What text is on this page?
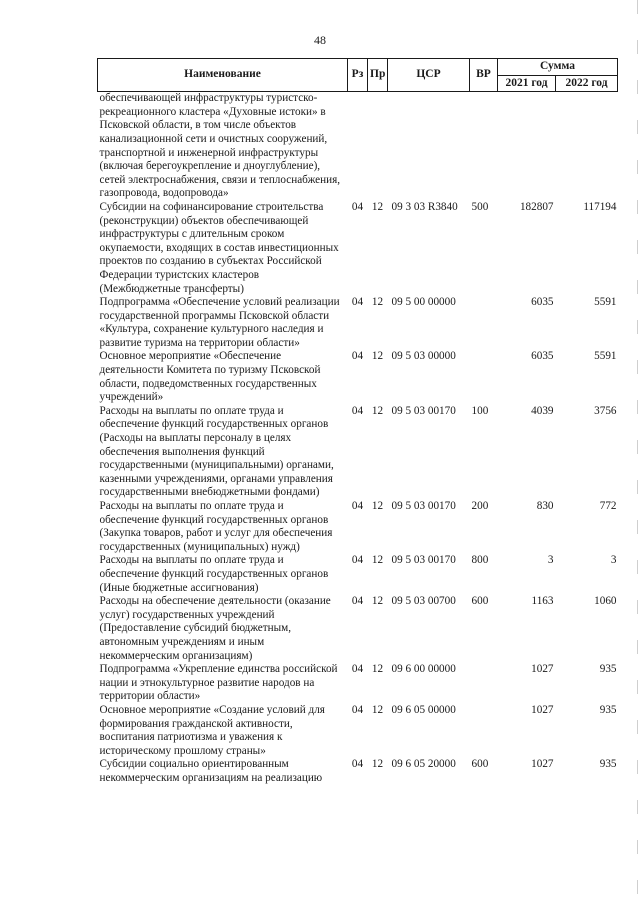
48
Наименование	Рз	Пр	ЦСР	ВР	Сумма	
					2021 год	2022 год
обеспечивающей инфраструктуры туристско-рекреационного кластера «Духовные истоки» в Псковской области, в том числе объектов канализационной сети и очистных сооружений, транспортной и инженерной инфраструктуры (включая берегоукрепление и дноуглубление), сетей электроснабжения, связи и теплоснабжения, газопровода, водопровода»						
Субсидии на софинансирование строительства (реконструкции) объектов обеспечивающей инфраструктуры с длительным сроком окупаемости, входящих в состав инвестиционных проектов по созданию в субъектах Российской Федерации туристских кластеров (Межбюджетные трансферты)	04	12	09 3 03 R3840	500	182807	117194
Подпрограмма «Обеспечение условий реализации государственной программы Псковской области «Культура, сохранение культурного наследия и развитие туризма на территории области»	04	12	09 5 00 00000		6035	5591
Основное мероприятие «Обеспечение деятельности Комитета по туризму Псковской области, подведомственных государственных учреждений»	04	12	09 5 03 00000		6035	5591
Расходы на выплаты по оплате труда и обеспечение функций государственных органов (Расходы на выплаты персоналу в целях обеспечения выполнения функций государственными (муниципальными) органами, казенными учреждениями, органами управления государственными внебюджетными фондами)	04	12	09 5 03 00170	100	4039	3756
Расходы на выплаты по оплате труда и обеспечение функций государственных органов (Закупка товаров, работ и услуг для обеспечения государственных (муниципальных) нужд)	04	12	09 5 03 00170	200	830	772
Расходы на выплаты по оплате труда и обеспечение функций государственных органов (Иные бюджетные ассигнования)	04	12	09 5 03 00170	800	3	3
Расходы на обеспечение деятельности (оказание услуг) государственных учреждений (Предоставление субсидий бюджетным, автономным учреждениям и иным некоммерческим организациям)	04	12	09 5 03 00700	600	1163	1060
Подпрограмма «Укрепление единства российской нации и этнокультурное развитие народов на территории области»	04	12	09 6 00 00000		1027	935
Основное мероприятие «Создание условий для формирования гражданской активности, воспитания патриотизма и уважения к историческому прошлому страны»	04	12	09 6 05 00000		1027	935
Субсидии социально ориентированным некоммерческим организациям на реализацию	04	12	09 6 05 20000	600	1027	935
